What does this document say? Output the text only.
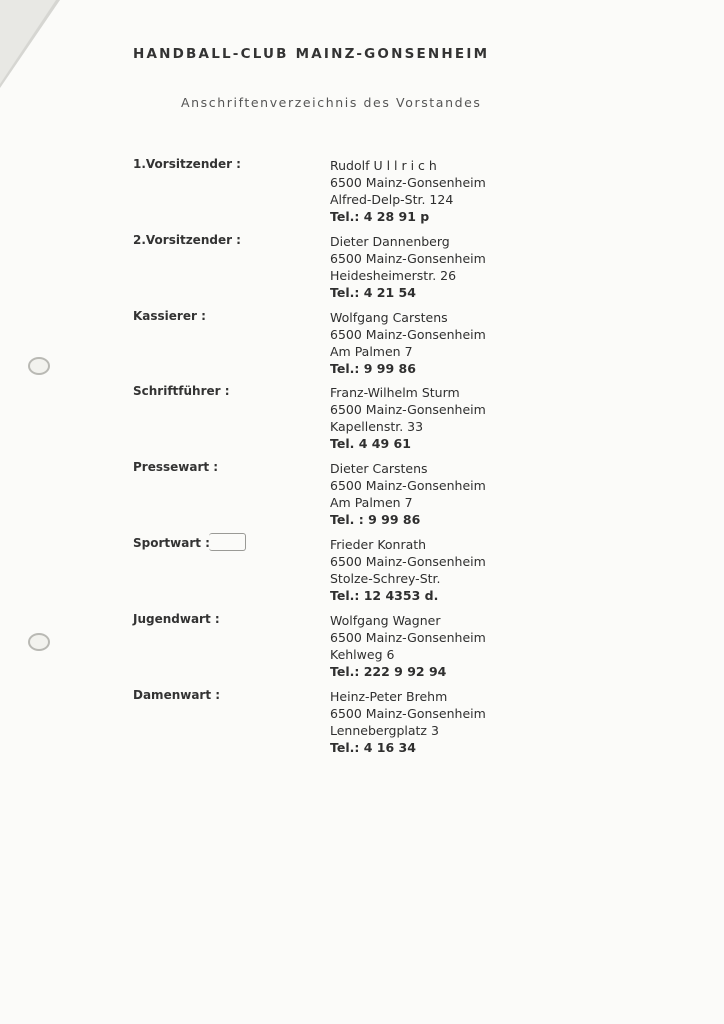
HANDBALL-CLUB MAINZ-GONSENHEIM
Anschriftenverzeichnis des Vorstandes
1.Vorsitzender :	Rudolf U l l r i c h
6500 Mainz-Gonsenheim
Alfred-Delp-Str. 124
Tel.: 4 28 91 p
2.Vorsitzender :	Dieter Dannenberg
6500 Mainz-Gonsenheim
Heidesheimerstr. 26
Tel.: 4 21 54
Kassierer :	Wolfgang Carstens
6500 Mainz-Gonsenheim
Am Palmen 7
Tel.: 9 99 86
Schriftführer :	Franz-Wilhelm Sturm
6500 Mainz-Gonsenheim
Kapellenstr. 33
Tel. 4 49 61
Pressewart :	Dieter Carstens
6500 Mainz-Gonsenheim
Am Palmen 7
Tel. : 9 99 86
Sportwart :	Frieder Konrath
6500 Mainz-Gonsenheim
Stolze-Schrey-Str.
Tel.: 12 4353 d.
Jugendwart :	Wolfgang Wagner
6500 Mainz-Gonsenheim
Kehlweg 6
Tel.: 222 9 92 94
Damenwart :	Heinz-Peter Brehm
6500 Mainz-Gonsenheim
Lennebergplatz 3
Tel.: 4 16 34
